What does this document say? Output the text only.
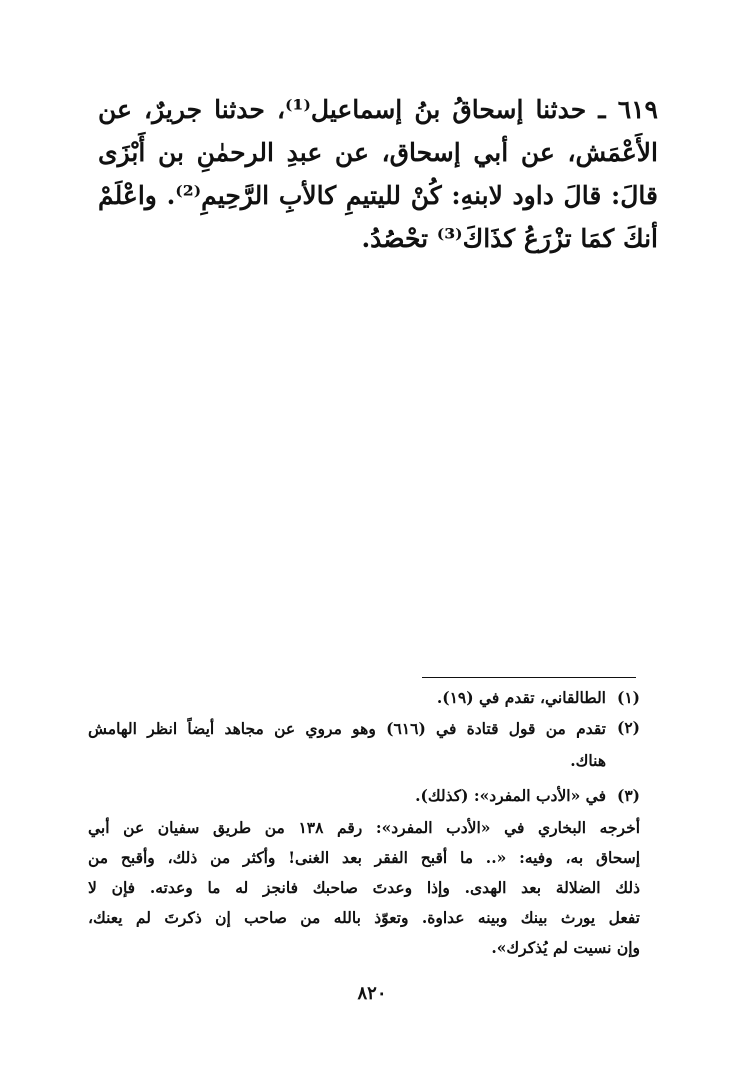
٦١٩ ـ حدثنا إسحاقُ بنُ إسماعيل⁽¹⁾، حدثنا جريرٌ، عن
الأَعْمَش، عن أبي إسحاق، عن عبدِ الرحمٰنِ بن أَبْزَى
قالَ: قالَ داود لابنهِ: كُنْ لليتيمِ كالأبِ الرَّحِيمِ⁽²⁾. واعْلَمْ
أنكَ كمَا تزْرَعُ كذَاكَ⁽³⁾ تحْصُدُ.
(١)
الطالقاني، تقدم في (١٩).
(٢)
تقدم من قول قتادة في (٦١٦) وهو مروي عن مجاهد أيضاً انظر الهامش
هناك.
(٣)
في «الأدب المفرد»: (كذلك).
أخرجه البخاري في «الأدب المفرد»: رقم ١٣٨ من طريق سفيان عن أبي
إسحاق به، وفيه: «.. ما أقبح الفقر بعد الغنى! وأكثر من ذلك، وأقبح من
ذلك الضلالة بعد الهدى. وإذا وعدتَ صاحبك فانجز له ما وعدته. فإن لا
تفعل يورث بينك وبينه عداوة. وتعوّذ بالله من صاحب إن ذكرتَ لم يعنك،
وإن نسيت لم يُذكرك».
٨٢٠
